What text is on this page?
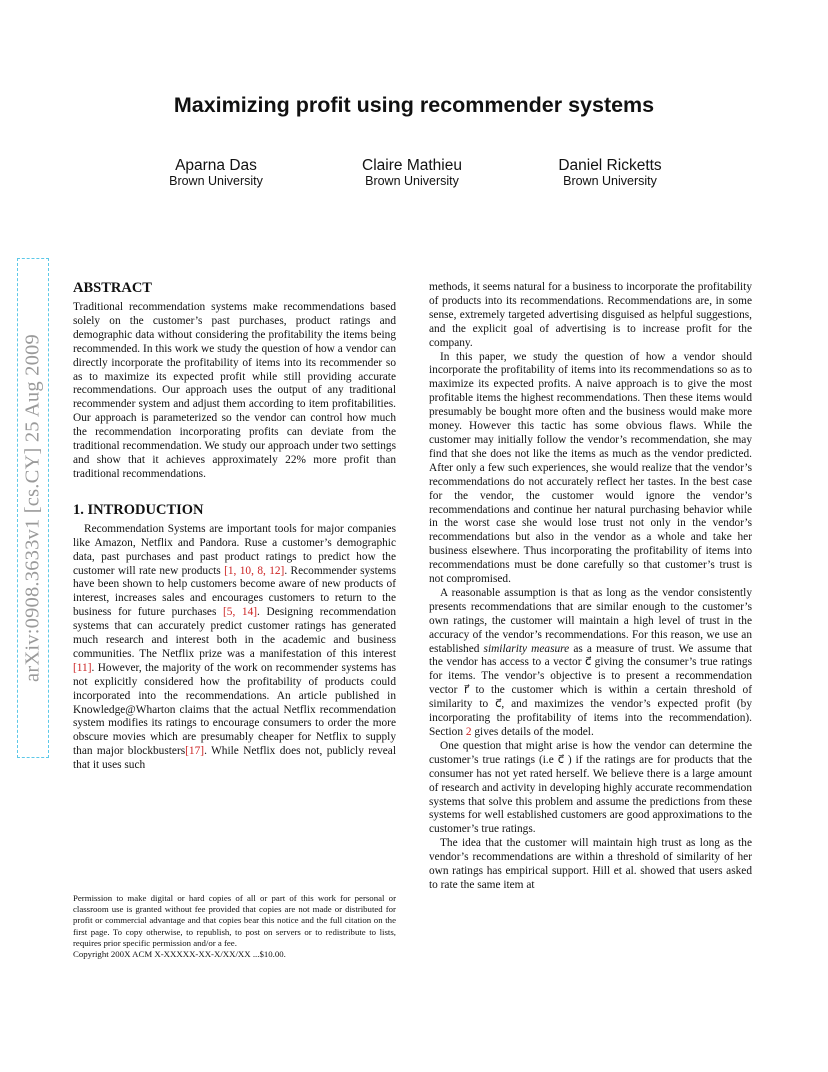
Maximizing profit using recommender systems
Aparna Das
Brown University
Claire Mathieu
Brown University
Daniel Ricketts
Brown University
arXiv:0908.3633v1 [cs.CY] 25 Aug 2009
ABSTRACT

Traditional recommendation systems make recommendations based solely on the customer’s past purchases, product ratings and demographic data without considering the profitability the items being recommended. In this work we study the question of how a vendor can directly incorporate the profitability of items into its recommender so as to maximize its expected profit while still providing accurate recommendations. Our approach uses the output of any traditional recommender system and adjust them according to item profitabilities. Our approach is parameterized so the vendor can control how much the recommendation incorporating profits can deviate from the traditional recommendation. We study our approach under two settings and show that it achieves approximately 22% more profit than traditional recommendations.

1. INTRODUCTION

Recommendation Systems are important tools for major companies like Amazon, Netflix and Pandora. Ruse a customer’s demographic data, past purchases and past product ratings to predict how the customer will rate new products [1, 10, 8, 12]. Recommender systems have been shown to help customers become aware of new products of interest, increases sales and encourages customers to return to the business for future purchases [5, 14]. Designing recommendation systems that can accurately predict customer ratings has generated much research and interest both in the academic and business communities. The Netflix prize was a manifestation of this interest [11]. However, the majority of the work on recommender systems has not explicitly considered how the profitability of products could incorporated into the recommendations. An article published in Knowledge@Wharton claims that the actual Netflix recommendation system modifies its ratings to encourage consumers to order the more obscure movies which are presumably cheaper for Netflix to supply than major blockbusters[17]. While Netflix does not, publicly reveal that it uses such

Permission to make digital or hard copies of all or part of this work for personal or classroom use is granted without fee provided that copies are not made or distributed for profit or commercial advantage and that copies bear this notice and the full citation on the first page. To copy otherwise, to republish, to post on servers or to redistribute to lists, requires prior specific permission and/or a fee.

Copyright 200X ACM X-XXXXX-XX-X/XX/XX ...$10.00.

methods, it seems natural for a business to incorporate the profitability of products into its recommendations. Recommendations are, in some sense, extremely targeted advertising disguised as helpful suggestions, and the explicit goal of advertising is to increase profit for the company.

In this paper, we study the question of how a vendor should incorporate the profitability of items into its recommendations so as to maximize its expected profits. A naive approach is to give the most profitable items the highest recommendations. Then these items would presumably be bought more often and the business would make more money. However this tactic has some obvious flaws. While the customer may initially follow the vendor’s recommendation, she may find that she does not like the items as much as the vendor predicted. After only a few such experiences, she would realize that the vendor’s recommendations do not accurately reflect her tastes. In the best case for the vendor, the customer would ignore the vendor’s recommendations and continue her natural purchasing behavior while in the worst case she would lose trust not only in the vendor’s recommendations but also in the vendor as a whole and take her business elsewhere. Thus incorporating the profitability of items into recommendations must be done carefully so that customer’s trust is not compromised.

A reasonable assumption is that as long as the vendor consistently presents recommendations that are similar enough to the customer’s own ratings, the customer will maintain a high level of trust in the accuracy of the vendor’s recommendations. For this reason, we use an established similarity measure as a measure of trust. We assume that the vendor has access to a vector c⃗ giving the consumer’s true ratings for items. The vendor’s objective is to present a recommendation vector r⃗ to the customer which is within a certain threshold of similarity to c⃗, and maximizes the vendor’s expected profit (by incorporating the profitability of items into the recommendation). Section 2 gives details of the model.

One question that might arise is how the vendor can determine the customer’s true ratings (i.e c⃗ ) if the ratings are for products that the consumer has not yet rated herself. We believe there is a large amount of research and activity in developing highly accurate recommendation systems that solve this problem and assume the predictions from these systems for well established customers are good approximations to the customer’s true ratings.

The idea that the customer will maintain high trust as long as the vendor’s recommendations are within a threshold of similarity of her own ratings has empirical support. Hill et al. showed that users asked to rate the same item at
